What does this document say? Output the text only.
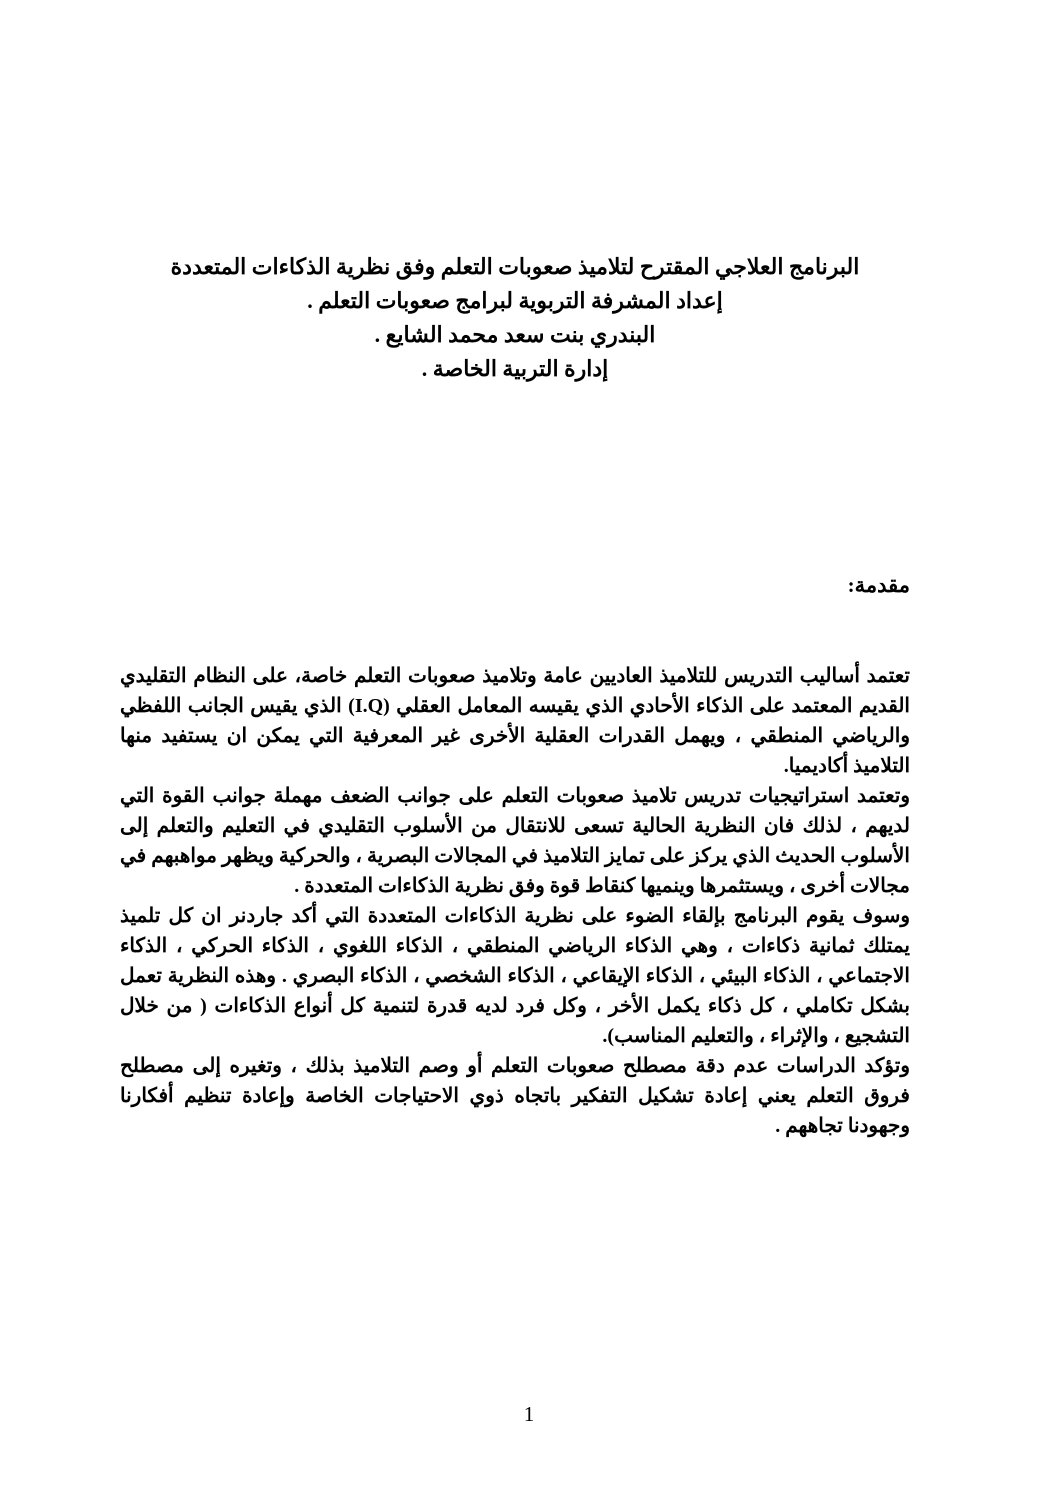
البرنامج العلاجي المقترح لتلاميذ صعوبات التعلم وفق نظرية الذكاءات المتعددة
إعداد المشرفة التربوية لبرامج صعوبات التعلم .
البندري بنت سعد محمد الشايع .
إدارة التربية الخاصة .
مقدمة:

تعتمد أساليب التدريس للتلاميذ العاديين عامة وتلاميذ صعوبات التعلم خاصة، على النظام التقليدي القديم المعتمد على الذكاء الأحادي الذي يقيسه المعامل العقلي (I.Q) الذي يقيس الجانب اللفظي والرياضي المنطقي ، ويهمل القدرات العقلية الأخرى غير المعرفية التي يمكن ان يستفيد منها التلاميذ أكاديميا.

وتعتمد استراتيجيات تدريس تلاميذ صعوبات التعلم على جوانب الضعف مهملة جوانب القوة التي لديهم ، لذلك فان النظرية الحالية تسعى للانتقال من الأسلوب التقليدي في التعليم والتعلم إلى الأسلوب الحديث الذي يركز على تمايز التلاميذ في المجالات البصرية ، والحركية ويظهر مواهبهم في مجالات أخرى ، ويستثمرها وينميها كنقاط قوة وفق نظرية الذكاءات المتعددة .

وسوف يقوم البرنامج بإلقاء الضوء على نظرية الذكاءات المتعددة التي أكد جاردنر ان كل تلميذ يمتلك ثمانية ذكاءات ، وهي الذكاء الرياضي المنطقي ، الذكاء اللغوي ، الذكاء الحركي ، الذكاء الاجتماعي ، الذكاء البيئي ، الذكاء الإيقاعي ، الذكاء الشخصي ، الذكاء البصري . وهذه النظرية تعمل بشكل تكاملي ، كل ذكاء يكمل الأخر ، وكل فرد لديه قدرة لتنمية كل أنواع الذكاءات ( من خلال التشجيع ، والإثراء ، والتعليم المناسب).

وتؤكد الدراسات عدم دقة مصطلح صعوبات التعلم أو وصم التلاميذ بذلك ، وتغيره إلى مصطلح فروق التعلم يعني إعادة تشكيل التفكير باتجاه ذوي الاحتياجات الخاصة وإعادة تنظيم أفكارنا وجهودنا تجاههم .

1
